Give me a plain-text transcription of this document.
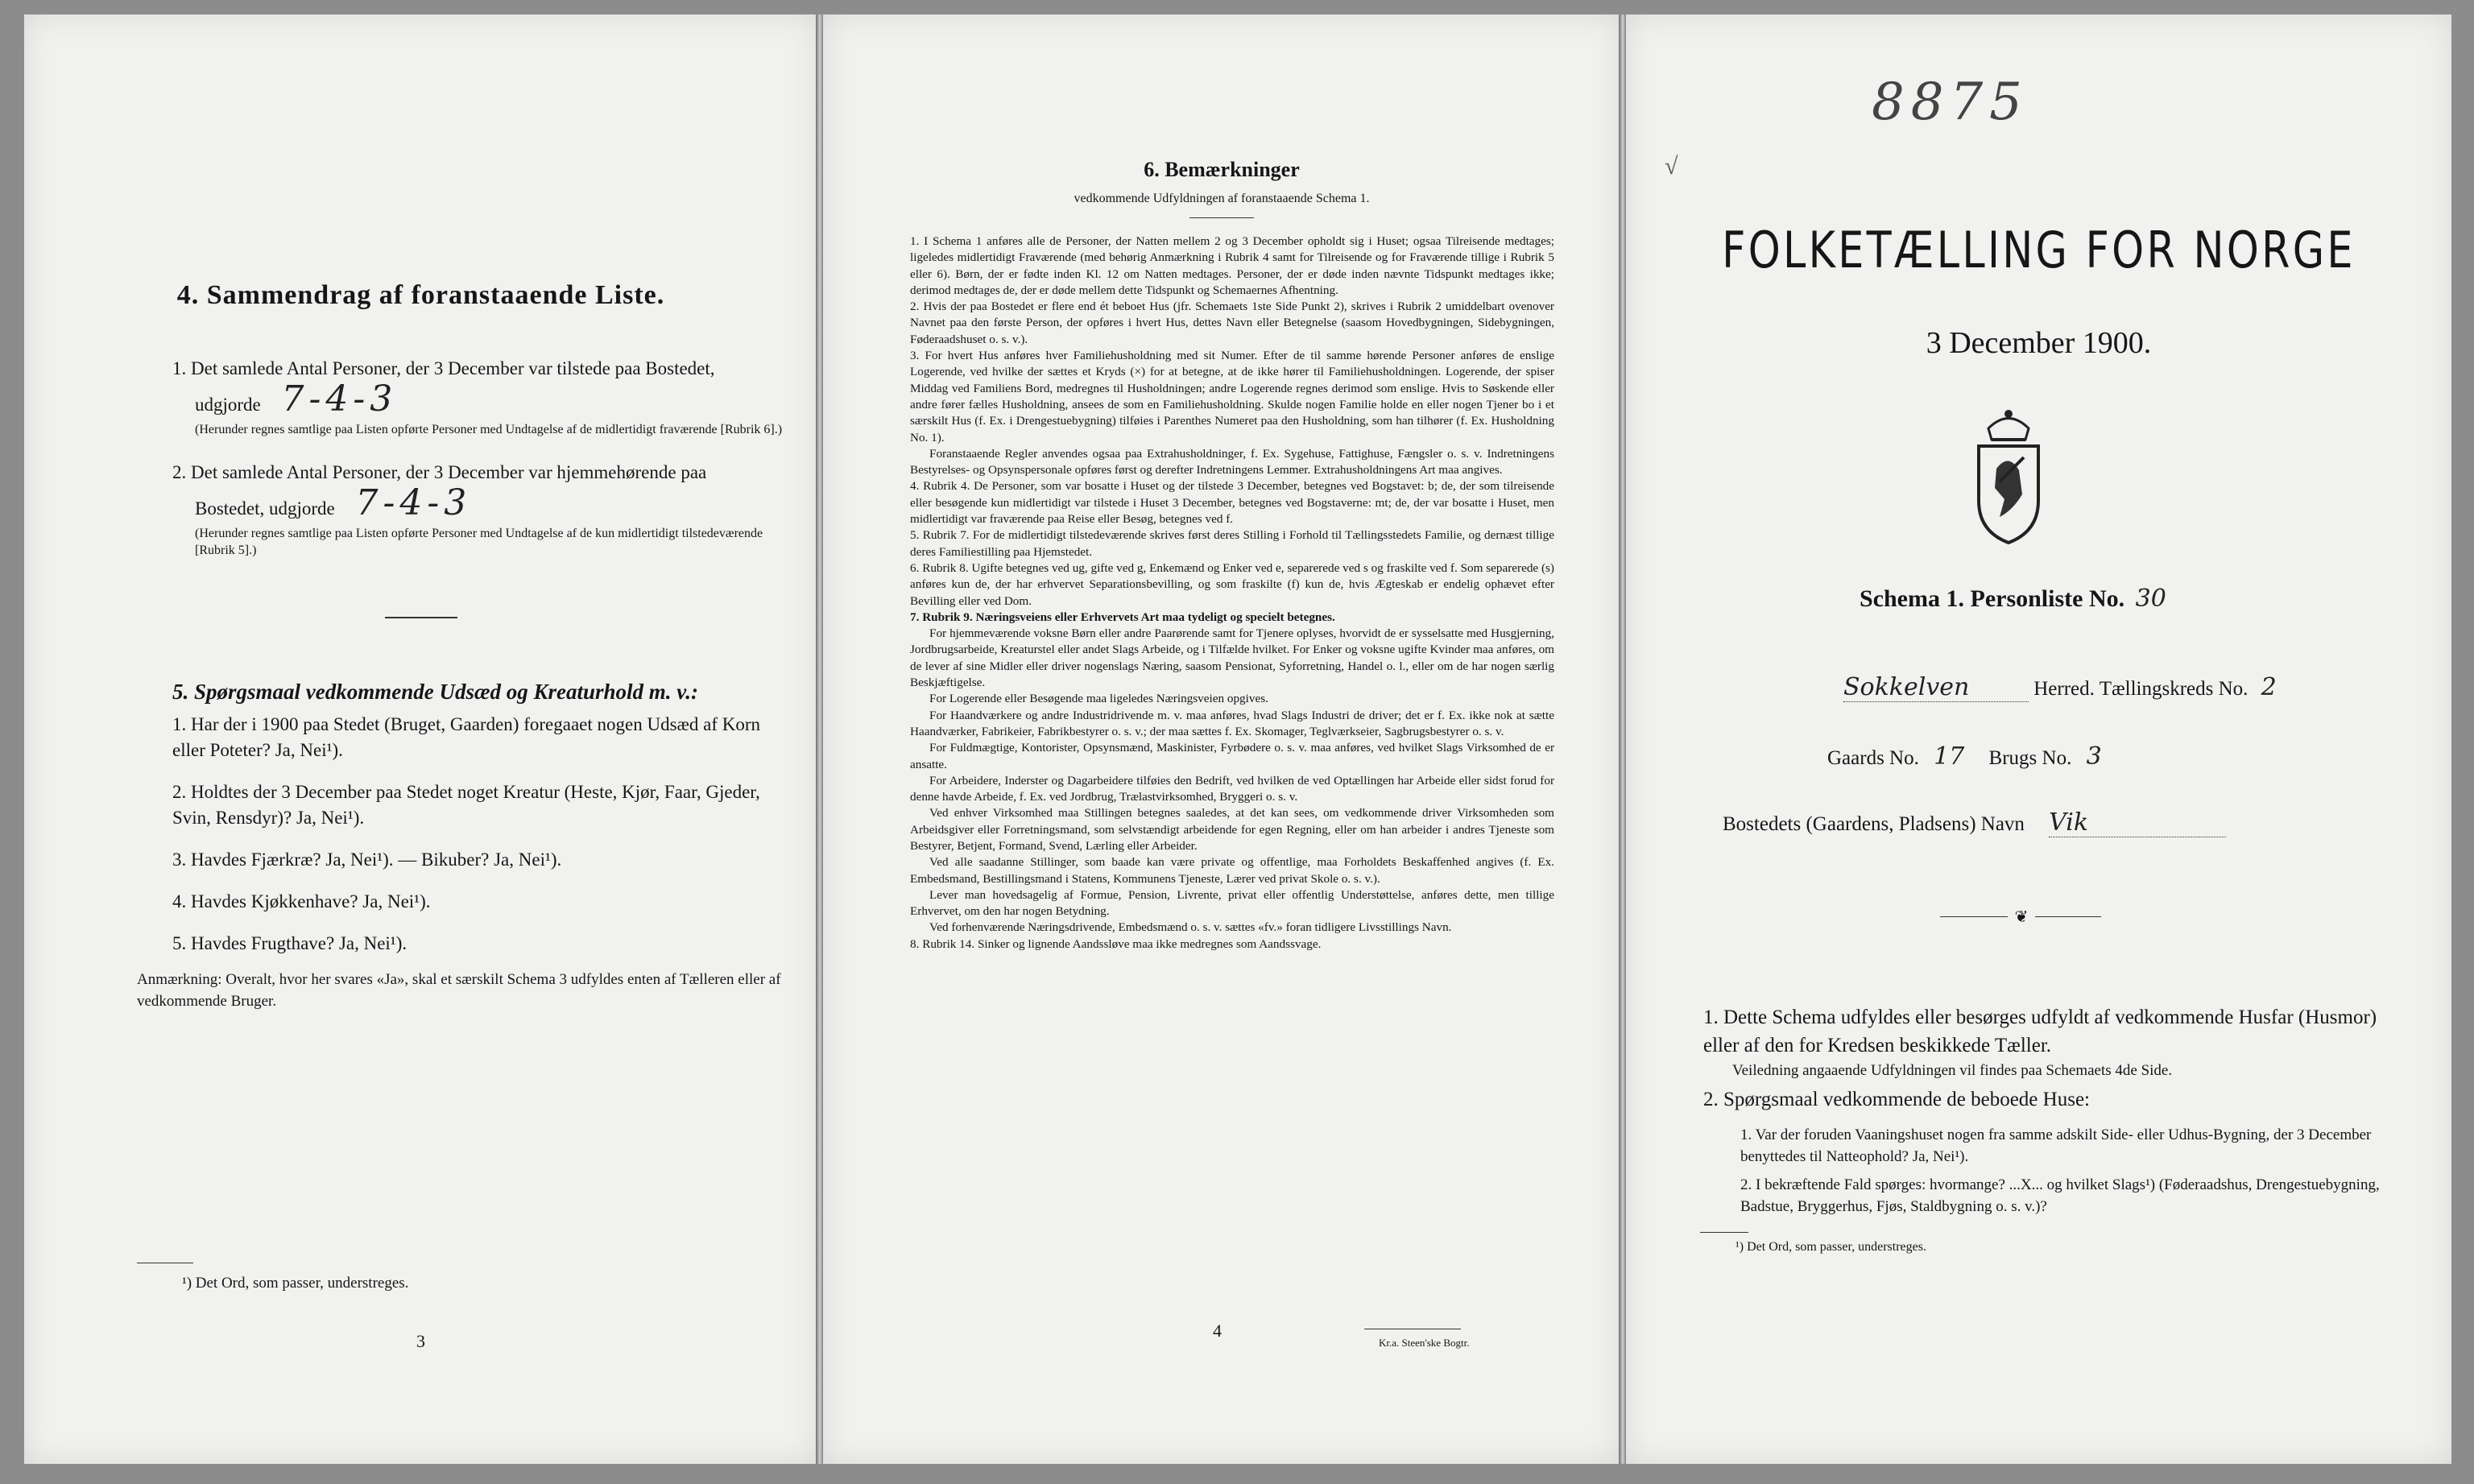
4. Sammendrag af foranstaaende Liste.
1. Det samlede Antal Personer, der 3 December var tilstede paa Bostedet,
udgjorde 7-4-3
(Herunder regnes samtlige paa Listen opførte Personer med Undtagelse af de midlertidigt fraværende [Rubrik 6].)
2. Det samlede Antal Personer, der 3 December var hjemmehørende paa
Bostedet, udgjorde 7-4-3
(Herunder regnes samtlige paa Listen opførte Personer med Undtagelse af de kun midlertidigt tilstedeværende [Rubrik 5].)
5. Spørgsmaal vedkommende Udsæd og Kreaturhold m. v.:
1. Har der i 1900 paa Stedet (Bruget, Gaarden) foregaaet nogen Udsæd af Korn eller Poteter? Ja, Nei¹).
2. Holdtes der 3 December paa Stedet noget Kreatur (Heste, Kjør, Faar, Gjeder, Svin, Rensdyr)? Ja, Nei¹).
3. Havdes Fjærkræ? Ja, Nei¹). — Bikuber? Ja, Nei¹).
4. Havdes Kjøkkenhave? Ja, Nei¹).
5. Havdes Frugthave? Ja, Nei¹).
Anmærkning: Overalt, hvor her svares «Ja», skal et særskilt Schema 3 udfyldes enten af Tælleren eller af vedkommende Bruger.
¹) Det Ord, som passer, understreges.
3
6. Bemærkninger
vedkommende Udfyldningen af foranstaaende Schema 1.
1. I Schema 1 anføres alle de Personer, der Natten mellem 2 og 3 December opholdt sig i Huset; ogsaa Tilreisende medtages; ligeledes midlertidigt Fraværende (med behørig Anmærkning i Rubrik 4 samt for Tilreisende og for Fraværende tillige i Rubrik 5 eller 6). Børn, der er fødte inden Kl. 12 om Natten medtages. Personer, der er døde inden nævnte Tidspunkt medtages ikke; derimod medtages de, der er døde mellem dette Tidspunkt og Schemaernes Afhentning.
2. Hvis der paa Bostedet er flere end ét beboet Hus (jfr. Schemaets 1ste Side Punkt 2), skrives i Rubrik 2 umiddelbart ovenover Navnet paa den første Person, der opføres i hvert Hus, dettes Navn eller Betegnelse (saasom Hovedbygningen, Sidebygningen, Føderaadshuset o. s. v.).
3. For hvert Hus anføres hver Familiehusholdning med sit Numer. Efter de til samme hørende Personer anføres de enslige Logerende, ved hvilke der sættes et Kryds (×) for at betegne, at de ikke hører til Familiehusholdningen. Logerende, der spiser Middag ved Familiens Bord, medregnes til Husholdningen; andre Logerende regnes derimod som enslige. Hvis to Søskende eller andre fører fælles Husholdning, ansees de som en Familiehusholdning. Skulde nogen Familie holde en eller nogen Tjener bo i et særskilt Hus (f. Ex. i Drengestuebygning) tilføies i Parenthes Numeret paa den Husholdning, som han tilhører (f. Ex. Husholdning No. 1).
Foranstaaende Regler anvendes ogsaa paa Extrahusholdninger, f. Ex. Sygehuse, Fattighuse, Fængsler o. s. v. Indretningens Bestyrelses- og Opsynspersonale opføres først og derefter Indretningens Lemmer. Extrahusholdningens Art maa angives.
4. Rubrik 4. De Personer, som var bosatte i Huset og der tilstede 3 December, betegnes ved Bogstavet: b; de, der som tilreisende eller besøgende kun midlertidigt var tilstede i Huset 3 December, betegnes ved Bogstaverne: mt; de, der var bosatte i Huset, men midlertidigt var fraværende paa Reise eller Besøg, betegnes ved f.
5. Rubrik 7. For de midlertidigt tilstedeværende skrives først deres Stilling i Forhold til Tællingsstedets Familie, og dernæst tillige deres Familiestilling paa Hjemstedet.
6. Rubrik 8. Ugifte betegnes ved ug, gifte ved g, Enkemænd og Enker ved e, separerede ved s og fraskilte ved f. Som separerede (s) anføres kun de, der har erhvervet Separationsbevilling, og som fraskilte (f) kun de, hvis Ægteskab er endelig ophævet efter Bevilling eller ved Dom.
7. Rubrik 9. Næringsveiens eller Erhvervets Art maa tydeligt og specielt betegnes.
For hjemmeværende voksne Børn eller andre Paarørende samt for Tjenere oplyses, hvorvidt de er sysselsatte med Husgjerning, Jordbrugsarbeide, Kreaturstel eller andet Slags Arbeide, og i Tilfælde hvilket. For Enker og voksne ugifte Kvinder maa anføres, om de lever af sine Midler eller driver nogenslags Næring, saasom Pensionat, Syforretning, Handel o. l., eller om de har nogen særlig Beskjæftigelse.
For Logerende eller Besøgende maa ligeledes Næringsveien opgives.
For Haandværkere og andre Industridrivende m. v. maa anføres, hvad Slags Industri de driver; det er f. Ex. ikke nok at sætte Haandværker, Fabrikeier, Fabrikbestyrer o. s. v.; der maa sættes f. Ex. Skomager, Teglværkseier, Sagbrugsbestyrer o. s. v.
For Fuldmægtige, Kontorister, Opsynsmænd, Maskinister, Fyrbødere o. s. v. maa anføres, ved hvilket Slags Virksomhed de er ansatte.
For Arbeidere, Inderster og Dagarbeidere tilføies den Bedrift, ved hvilken de ved Optællingen har Arbeide eller sidst forud for denne havde Arbeide, f. Ex. ved Jordbrug, Trælastvirksomhed, Bryggeri o. s. v.
Ved enhver Virksomhed maa Stillingen betegnes saaledes, at det kan sees, om vedkommende driver Virksomheden som Arbeidsgiver eller Forretningsmand, som selvstændigt arbeidende for egen Regning, eller om han arbeider i andres Tjeneste som Bestyrer, Betjent, Formand, Svend, Lærling eller Arbeider.
Ved alle saadanne Stillinger, som baade kan være private og offentlige, maa Forholdets Beskaffenhed angives (f. Ex. Embedsmand, Bestillingsmand i Statens, Kommunens Tjeneste, Lærer ved privat Skole o. s. v.).
Lever man hovedsagelig af Formue, Pension, Livrente, privat eller offentlig Understøttelse, anføres dette, men tillige Erhvervet, om den har nogen Betydning.
Ved forhenværende Næringsdrivende, Embedsmænd o. s. v. sættes «fv.» foran tidligere Livsstillings Navn.
8. Rubrik 14. Sinker og lignende Aandssløve maa ikke medregnes som Aandssvage.
4
Kr.a. Steen'ske Bogtr.
8875
√
FOLKETÆLLING FOR NORGE
3 December 1900.
Schema 1. Personliste No. 30
Sokkelven	Herred. Tællingskreds No. 2
Gaards No. 17 Brugs No. 3
Bostedets (Gaardens, Pladsens) Navn Vik
❦
1. Dette Schema udfyldes eller besørges udfyldt af vedkommende Husfar (Husmor) eller af den for Kredsen beskikkede Tæller.
Veiledning angaaende Udfyldningen vil findes paa Schemaets 4de Side.
2. Spørgsmaal vedkommende de beboede Huse:
1. Var der foruden Vaaningshuset nogen fra samme adskilt Side- eller Udhus-Bygning, der 3 December benyttedes til Natteophold? Ja, Nei¹).
2. I bekræftende Fald spørges: hvormange? ...X... og hvilket Slags¹) (Føderaadshus, Drengestuebygning, Badstue, Bryggerhus, Fjøs, Staldbygning o. s. v.)?
¹) Det Ord, som passer, understreges.
